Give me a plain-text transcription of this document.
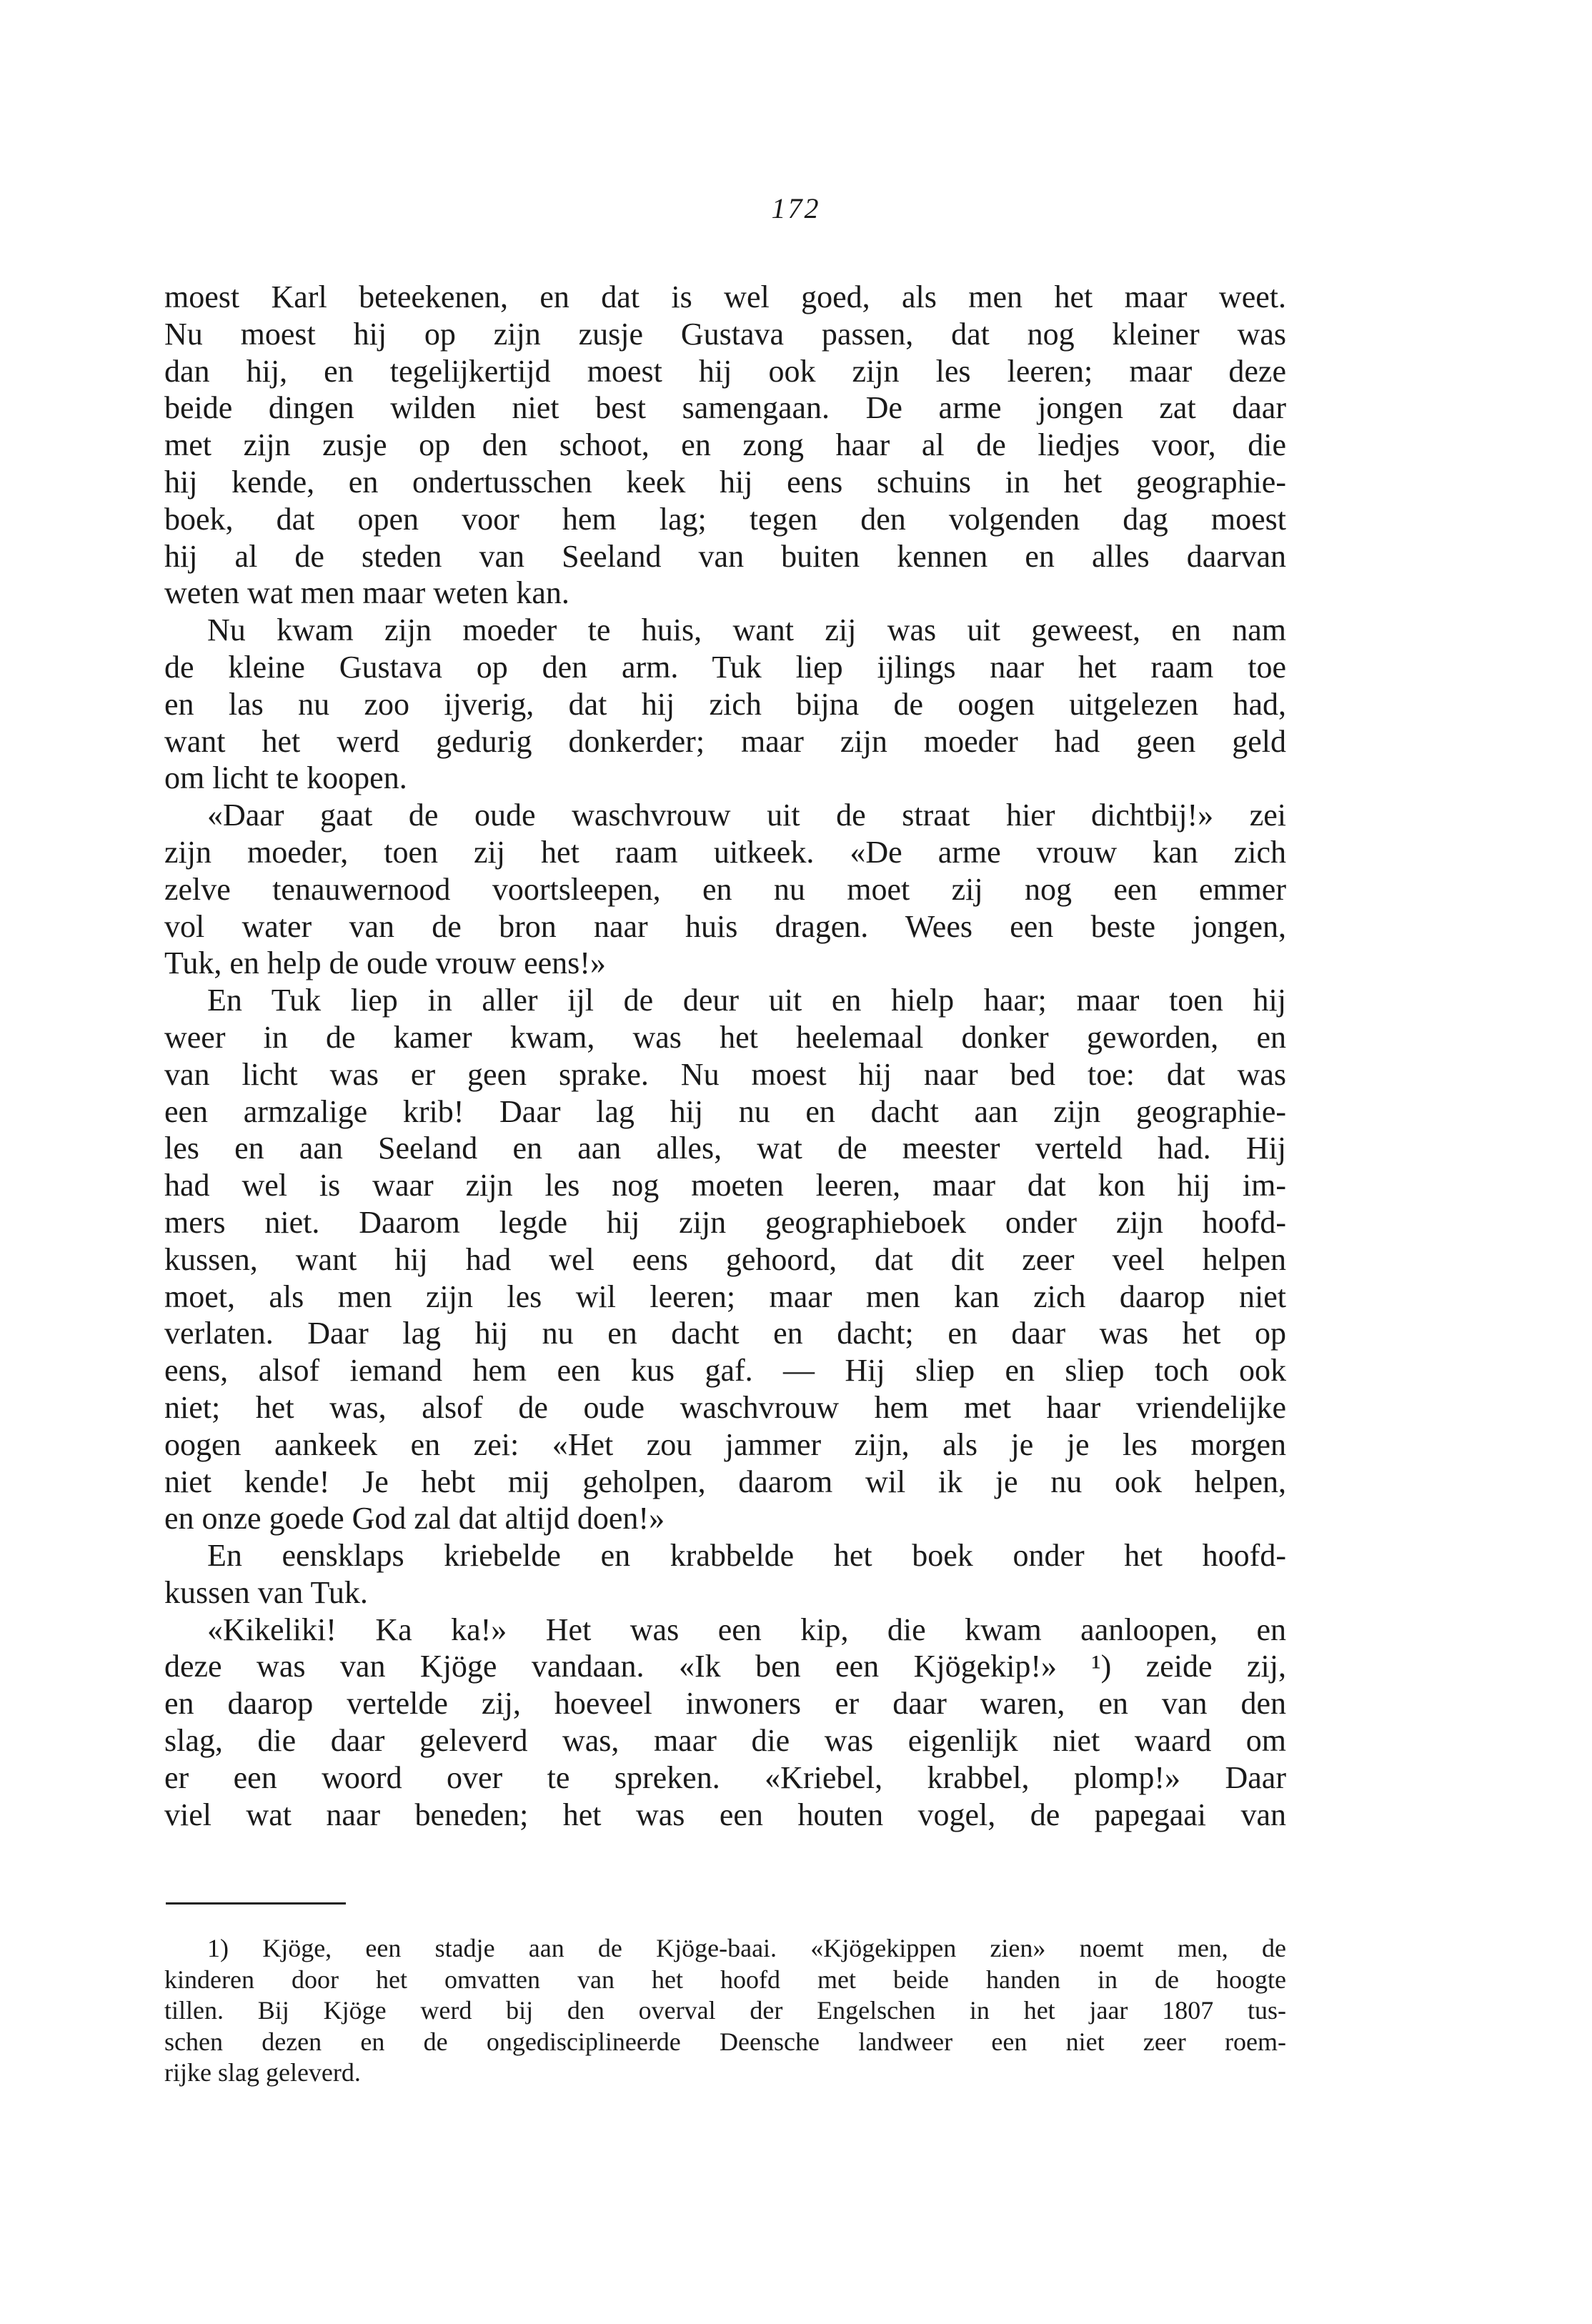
172
moest Karl beteekenen, en dat is wel goed, als men het maar weet.
Nu moest hij op zijn zusje Gustava passen, dat nog kleiner was
dan hij, en tegelijkertijd moest hij ook zijn les leeren; maar deze
beide dingen wilden niet best samengaan. De arme jongen zat daar
met zijn zusje op den schoot, en zong haar al de liedjes voor, die
hij kende, en ondertusschen keek hij eens schuins in het geographie-
boek, dat open voor hem lag; tegen den volgenden dag moest
hij al de steden van Seeland van buiten kennen en alles daarvan
weten wat men maar weten kan.
Nu kwam zijn moeder te huis, want zij was uit geweest, en nam
de kleine Gustava op den arm. Tuk liep ijlings naar het raam toe
en las nu zoo ijverig, dat hij zich bijna de oogen uitgelezen had,
want het werd gedurig donkerder; maar zijn moeder had geen geld
om licht te koopen.
«Daar gaat de oude waschvrouw uit de straat hier dichtbij!» zei
zijn moeder, toen zij het raam uitkeek. «De arme vrouw kan zich
zelve tenauwernood voortsleepen, en nu moet zij nog een emmer
vol water van de bron naar huis dragen. Wees een beste jongen,
Tuk, en help de oude vrouw eens!»
En Tuk liep in aller ijl de deur uit en hielp haar; maar toen hij
weer in de kamer kwam, was het heelemaal donker geworden, en
van licht was er geen sprake. Nu moest hij naar bed toe: dat was
een armzalige krib! Daar lag hij nu en dacht aan zijn geographie-
les en aan Seeland en aan alles, wat de meester verteld had. Hij
had wel is waar zijn les nog moeten leeren, maar dat kon hij im-
mers niet. Daarom legde hij zijn geographieboek onder zijn hoofd-
kussen, want hij had wel eens gehoord, dat dit zeer veel helpen
moet, als men zijn les wil leeren; maar men kan zich daarop niet
verlaten. Daar lag hij nu en dacht en dacht; en daar was het op
eens, alsof iemand hem een kus gaf. — Hij sliep en sliep toch ook
niet; het was, alsof de oude waschvrouw hem met haar vriendelijke
oogen aankeek en zei: «Het zou jammer zijn, als je je les morgen
niet kende! Je hebt mij geholpen, daarom wil ik je nu ook helpen,
en onze goede God zal dat altijd doen!»
En eensklaps kriebelde en krabbelde het boek onder het hoofd-
kussen van Tuk.
«Kikeliki! Ka ka!» Het was een kip, die kwam aanloopen, en
deze was van Kjöge vandaan. «Ik ben een Kjögekip!» ¹) zeide zij,
en daarop vertelde zij, hoeveel inwoners er daar waren, en van den
slag, die daar geleverd was, maar die was eigenlijk niet waard om
er een woord over te spreken. «Kriebel, krabbel, plomp!» Daar
viel wat naar beneden; het was een houten vogel, de papegaai van
1) Kjöge, een stadje aan de Kjöge-baai. «Kjögekippen zien» noemt men, de
kinderen door het omvatten van het hoofd met beide handen in de hoogte
tillen. Bij Kjöge werd bij den overval der Engelschen in het jaar 1807 tus-
schen dezen en de ongedisciplineerde Deensche landweer een niet zeer roem-
rijke slag geleverd.
